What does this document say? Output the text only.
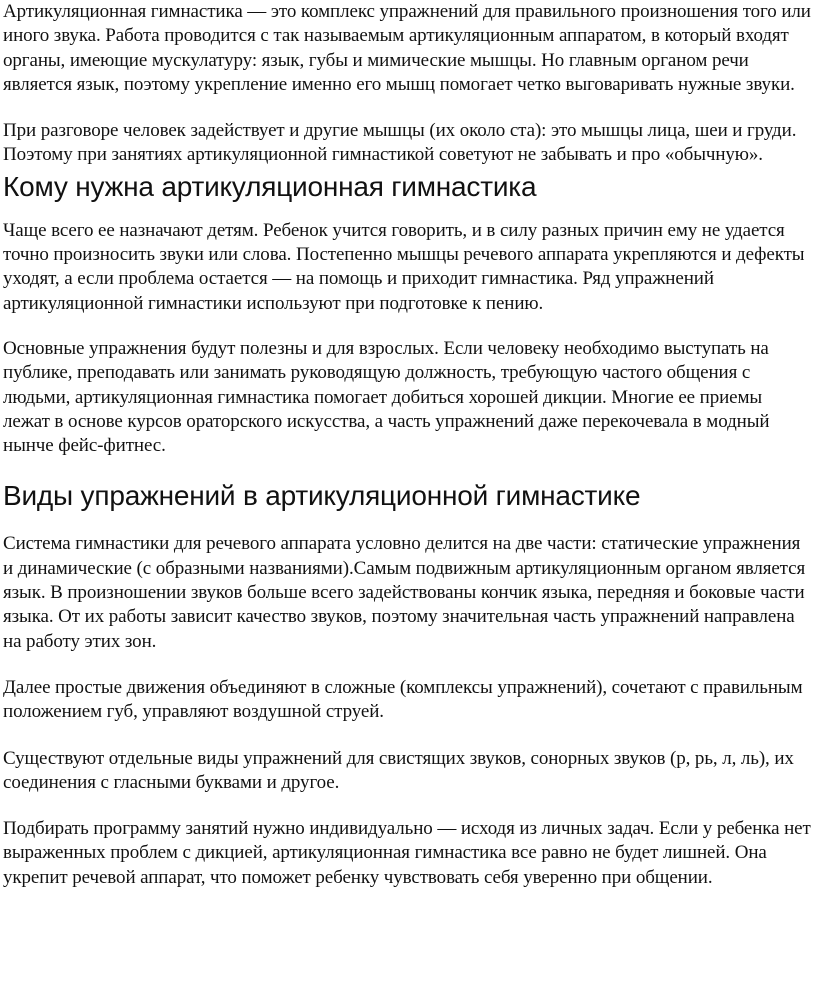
Артикуляционная гимнастика — это комплекс упражнений для правильного произношения того или иного звука. Работа проводится с так называемым артикуляционным аппаратом, в который входят органы, имеющие мускулатуру: язык, губы и мимические мышцы. Но главным органом речи является язык, поэтому укрепление именно его мышц помогает четко выговаривать нужные звуки.

При разговоре человек задействует и другие мышцы (их около ста): это мышцы лица, шеи и груди. Поэтому при занятиях артикуляционной гимнастикой советуют не забывать и про «обычную».

Кому нужна артикуляционная гимнастика

Чаще всего ее назначают детям. Ребенок учится говорить, и в силу разных причин ему не удается точно произносить звуки или слова. Постепенно мышцы речевого аппарата укрепляются и дефекты уходят, а если проблема остается — на помощь и приходит гимнастика. Ряд упражнений артикуляционной гимнастики используют при подготовке к пению.

Основные упражнения будут полезны и для взрослых. Если человеку необходимо выступать на публике, преподавать или занимать руководящую должность, требующую частого общения с людьми, артикуляционная гимнастика помогает добиться хорошей дикции. Многие ее приемы лежат в основе курсов ораторского искусства, а часть упражнений даже перекочевала в модный нынче фейс-фитнес.

Виды упражнений в артикуляционной гимнастике

Система гимнастики для речевого аппарата условно делится на две части: статические упражнения и динамические (с образными названиями).Самым подвижным артикуляционным органом является язык. В произношении звуков больше всего задействованы кончик языка, передняя и боковые части языка. От их работы зависит качество звуков, поэтому значительная часть упражнений направлена на работу этих зон.

Далее простые движения объединяют в сложные (комплексы упражнений), сочетают с правильным положением губ, управляют воздушной струей.

Существуют отдельные виды упражнений для свистящих звуков, сонорных звуков (р, рь, л, ль), их соединения с гласными буквами и другое.

Подбирать программу занятий нужно индивидуально — исходя из личных задач. Если у ребенка нет выраженных проблем с дикцией, артикуляционная гимнастика все равно не будет лишней. Она укрепит речевой аппарат, что поможет ребенку чувствовать себя уверенно при общении.
